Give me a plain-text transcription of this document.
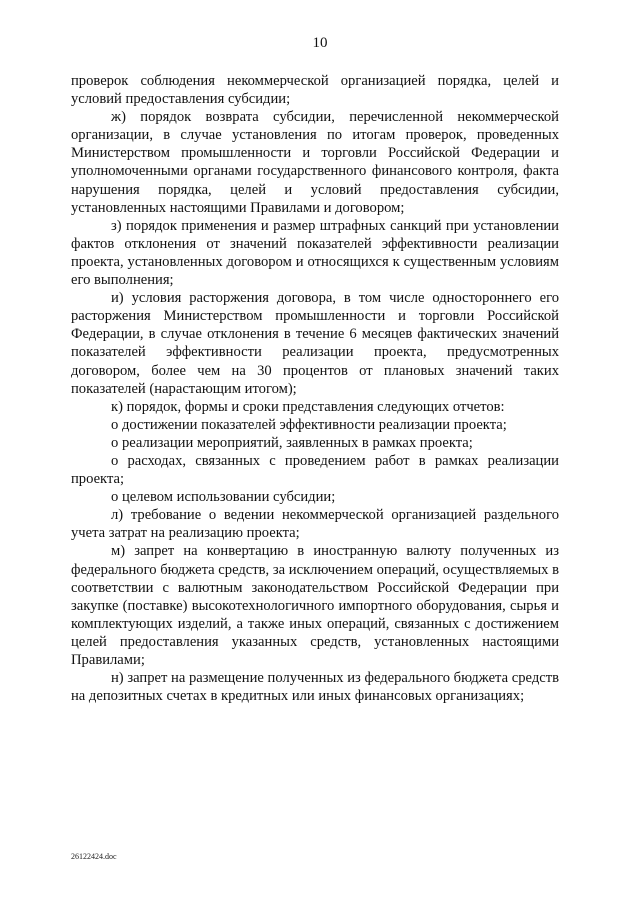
10

проверок соблюдения некоммерческой организацией порядка, целей и условий предоставления субсидии;

ж) порядок возврата субсидии, перечисленной некоммерческой организации, в случае установления по итогам проверок, проведенных Министерством промышленности и торговли Российской Федерации и уполномоченными органами государственного финансового контроля, факта нарушения порядка, целей и условий предоставления субсидии, установленных настоящими Правилами и договором;

з) порядок применения и размер штрафных санкций при установлении фактов отклонения от значений показателей эффективности реализации проекта, установленных договором и относящихся к существенным условиям его выполнения;

и) условия расторжения договора, в том числе одностороннего его расторжения Министерством промышленности и торговли Российской Федерации, в случае отклонения в течение 6 месяцев фактических значений показателей эффективности реализации проекта, предусмотренных договором, более чем на 30 процентов от плановых значений таких показателей (нарастающим итогом);

к) порядок, формы и сроки представления следующих отчетов:

о достижении показателей эффективности реализации проекта;

о реализации мероприятий, заявленных в рамках проекта;

о расходах, связанных с проведением работ в рамках реализации проекта;

о целевом использовании субсидии;

л) требование о ведении некоммерческой организацией раздельного учета затрат на реализацию проекта;

м) запрет на конвертацию в иностранную валюту полученных из федерального бюджета средств, за исключением операций, осуществляемых в соответствии с валютным законодательством Российской Федерации при закупке (поставке) высокотехнологичного импортного оборудования, сырья и комплектующих изделий, а также иных операций, связанных с достижением целей предоставления указанных средств, установленных настоящими Правилами;

н) запрет на размещение полученных из федерального бюджета средств на депозитных счетах в кредитных или иных финансовых организациях;

26122424.doc
